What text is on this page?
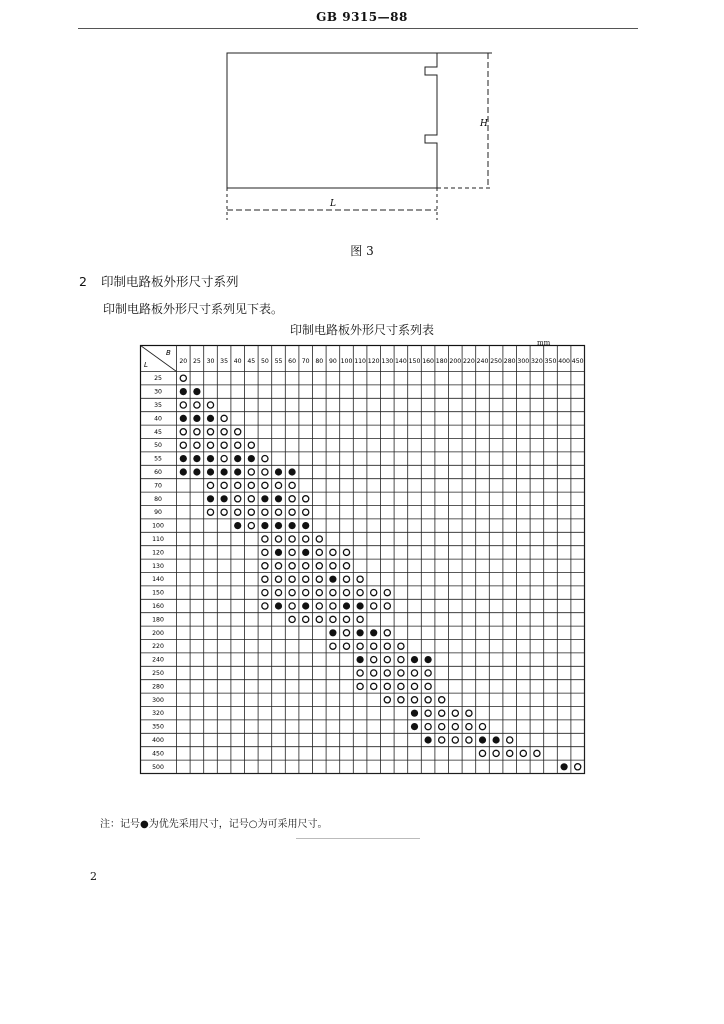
GB 9315—88
H
L
图 3
2 印制电路板外形尺寸系列
印制电路板外形尺寸系列见下表。
印制电路板外形尺寸系列表
mm
B
L	20 25 30 35 40 45 50 55 60 70 80 90 100 110 120 130 140 150 160 180 200 220 240 250 280 300 320 350 400 450
25
30
35
40
45
50
55
60
70
80
90
100
110
120
130
140
150
160
180
200
220
240
250
280
300
320
350
400
450
500
注：记号●为优先采用尺寸，记号○为可采用尺寸。
2
